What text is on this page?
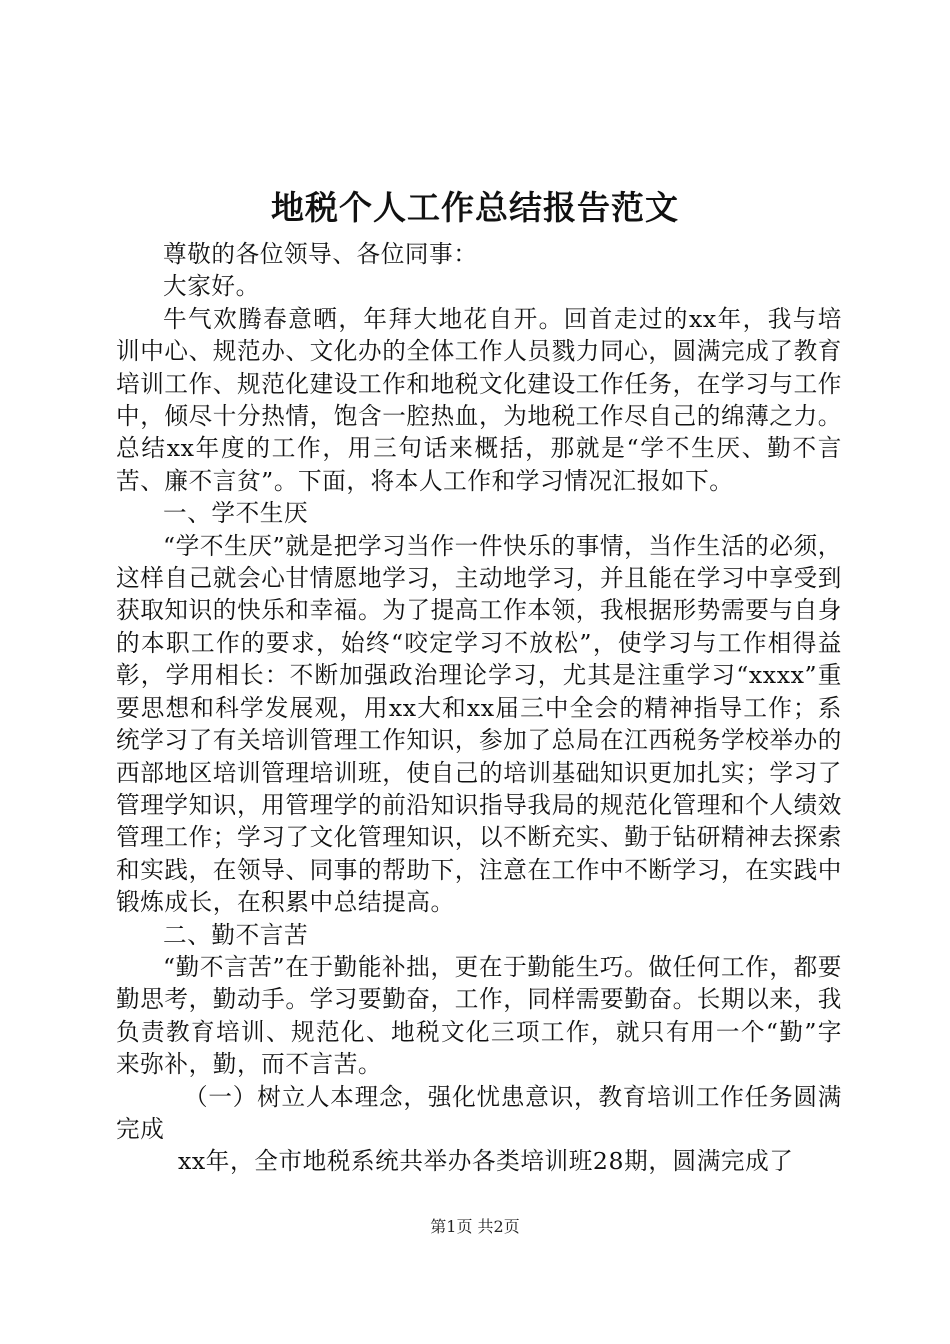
地税个人工作总结报告范文

尊敬的各位领导、各位同事：

大家好。

牛气欢腾春意晒，年拜大地花自开。回首走过的xx年，我与培训中心、规范办、文化办的全体工作人员戮力同心，圆满完成了教育培训工作、规范化建设工作和地税文化建设工作任务，在学习与工作中，倾尽十分热情，饱含一腔热血，为地税工作尽自己的绵薄之力。总结xx年度的工作，用三句话来概括，那就是“学不生厌、勤不言苦、廉不言贫”。下面，将本人工作和学习情况汇报如下。

一、学不生厌

“学不生厌”就是把学习当作一件快乐的事情，当作生活的必须，这样自己就会心甘情愿地学习，主动地学习，并且能在学习中享受到获取知识的快乐和幸福。为了提高工作本领，我根据形势需要与自身的本职工作的要求，始终“咬定学习不放松”，使学习与工作相得益彰，学用相长：不断加强政治理论学习，尤其是注重学习“xxxx”重要思想和科学发展观，用xx大和xx届三中全会的精神指导工作；系统学习了有关培训管理工作知识，参加了总局在江西税务学校举办的西部地区培训管理培训班，使自己的培训基础知识更加扎实；学习了管理学知识，用管理学的前沿知识指导我局的规范化管理和个人绩效管理工作；学习了文化管理知识，以不断充实、勤于钻研精神去探索和实践，在领导、同事的帮助下，注意在工作中不断学习，在实践中锻炼成长，在积累中总结提高。

二、勤不言苦

“勤不言苦”在于勤能补拙，更在于勤能生巧。做任何工作，都要勤思考，勤动手。学习要勤奋，工作，同样需要勤奋。长期以来，我负责教育培训、规范化、地税文化三项工作，就只有用一个“勤”字来弥补，勤，而不言苦。

（一）树立人本理念，强化忧患意识，教育培训工作任务圆满完成

xx年，全市地税系统共举办各类培训班28期，圆满完成了

第1页 共2页
